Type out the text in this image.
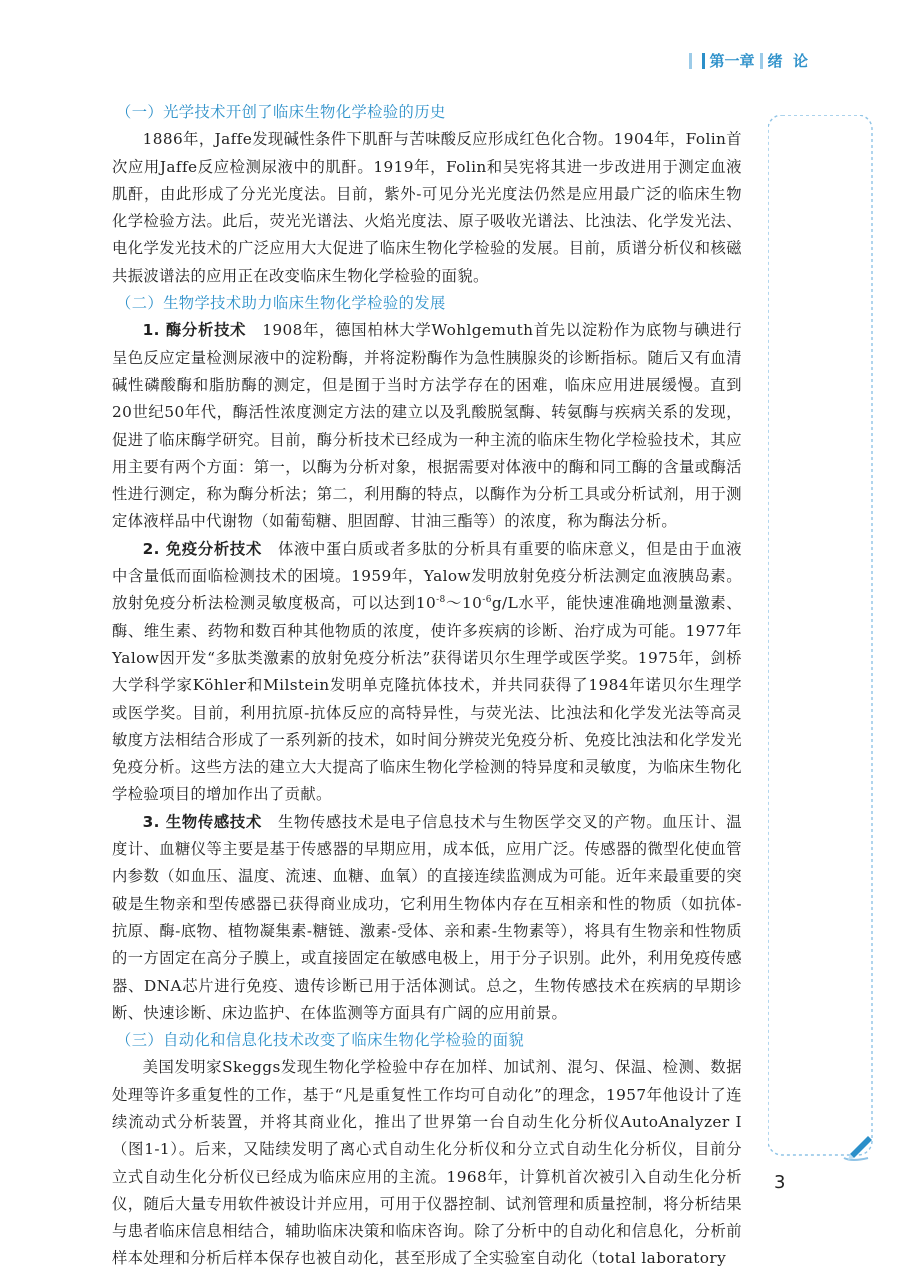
第一章 绪  论
（一）光学技术开创了临床生物化学检验的历史

1886年，Jaffe发现碱性条件下肌酐与苦味酸反应形成红色化合物。1904年，Folin首次应用Jaffe反应检测尿液中的肌酐。1919年，Folin和吴宪将其进一步改进用于测定血液肌酐，由此形成了分光光度法。目前，紫外-可见分光光度法仍然是应用最广泛的临床生物化学检验方法。此后，荧光光谱法、火焰光度法、原子吸收光谱法、比浊法、化学发光法、电化学发光技术的广泛应用大大促进了临床生物化学检验的发展。目前，质谱分析仪和核磁共振波谱法的应用正在改变临床生物化学检验的面貌。

（二）生物学技术助力临床生物化学检验的发展

1. 酶分析技术　 1908年，德国柏林大学Wohlgemuth首先以淀粉作为底物与碘进行呈色反应定量检测尿液中的淀粉酶，并将淀粉酶作为急性胰腺炎的诊断指标。随后又有血清碱性磷酸酶和脂肪酶的测定，但是囿于当时方法学存在的困难，临床应用进展缓慢。直到20世纪50年代，酶活性浓度测定方法的建立以及乳酸脱氢酶、转氨酶与疾病关系的发现，促进了临床酶学研究。目前，酶分析技术已经成为一种主流的临床生物化学检验技术，其应用主要有两个方面：第一，以酶为分析对象，根据需要对体液中的酶和同工酶的含量或酶活性进行测定，称为酶分析法；第二，利用酶的特点，以酶作为分析工具或分析试剂，用于测定体液样品中代谢物（如葡萄糖、胆固醇、甘油三酯等）的浓度，称为酶法分析。

2. 免疫分析技术　 体液中蛋白质或者多肽的分析具有重要的临床意义，但是由于血液中含量低而面临检测技术的困境。1959年，Yalow发明放射免疫分析法测定血液胰岛素。放射免疫分析法检测灵敏度极高，可以达到$10^{-8}\sim 10^{-6}g/L$水平，能快速准确地测量激素、酶、维生素、药物和数百种其他物质的浓度，使许多疾病的诊断、治疗成为可能。1977年Yalow因开发“多肽类激素的放射免疫分析法”获得诺贝尔生理学或医学奖。1975年，剑桥大学科学家Köhler和Milstein发明单克隆抗体技术，并共同获得了1984年诺贝尔生理学或医学奖。目前，利用抗原-抗体反应的高特异性，与荧光法、比浊法和化学发光法等高灵敏度方法相结合形成了一系列新的技术，如时间分辨荧光免疫分析、免疫比浊法和化学发光免疫分析。这些方法的建立大大提高了临床生物化学检测的特异度和灵敏度，为临床生物化学检验项目的增加作出了贡献。

3. 生物传感技术　 生物传感技术是电子信息技术与生物医学交叉的产物。血压计、温度计、血糖仪等主要是基于传感器的早期应用，成本低，应用广泛。传感器的微型化使血管内参数（如血压、温度、流速、血糖、血氧）的直接连续监测成为可能。近年来最重要的突破是生物亲和型传感器已获得商业成功，它利用生物体内存在互相亲和性的物质（如抗体-抗原、酶-底物、植物凝集素-糖链、激素-受体、亲和素-生物素等），将具有生物亲和性物质的一方固定在高分子膜上，或直接固定在敏感电极上，用于分子识别。此外，利用免疫传感器、DNA芯片进行免疫、遗传诊断已用于活体测试。总之，生物传感技术在疾病的早期诊断、快速诊断、床边监护、在体监测等方面具有广阔的应用前景。

（三）自动化和信息化技术改变了临床生物化学检验的面貌

美国发明家Skeggs发现生物化学检验中存在加样、加试剂、混匀、保温、检测、数据处理等许多重复性的工作，基于“凡是重复性工作均可自动化”的理念，1957年他设计了连续流动式分析装置，并将其商业化，推出了世界第一台自动生化分析仪AutoAnalyzer Ⅰ（图1-1）。后来，又陆续发明了离心式自动生化分析仪和分立式自动生化分析仪，目前分立式自动生化分析仪已经成为临床应用的主流。1968年，计算机首次被引入自动生化分析仪，随后大量专用软件被设计并应用，可用于仪器控制、试剂管理和质量控制，将分析结果与患者临床信息相结合，辅助临床决策和临床咨询。除了分析中的自动化和信息化，分析前样本处理和分析后样本保存也被自动化，甚至形成了全实验室自动化（total laboratory

3
